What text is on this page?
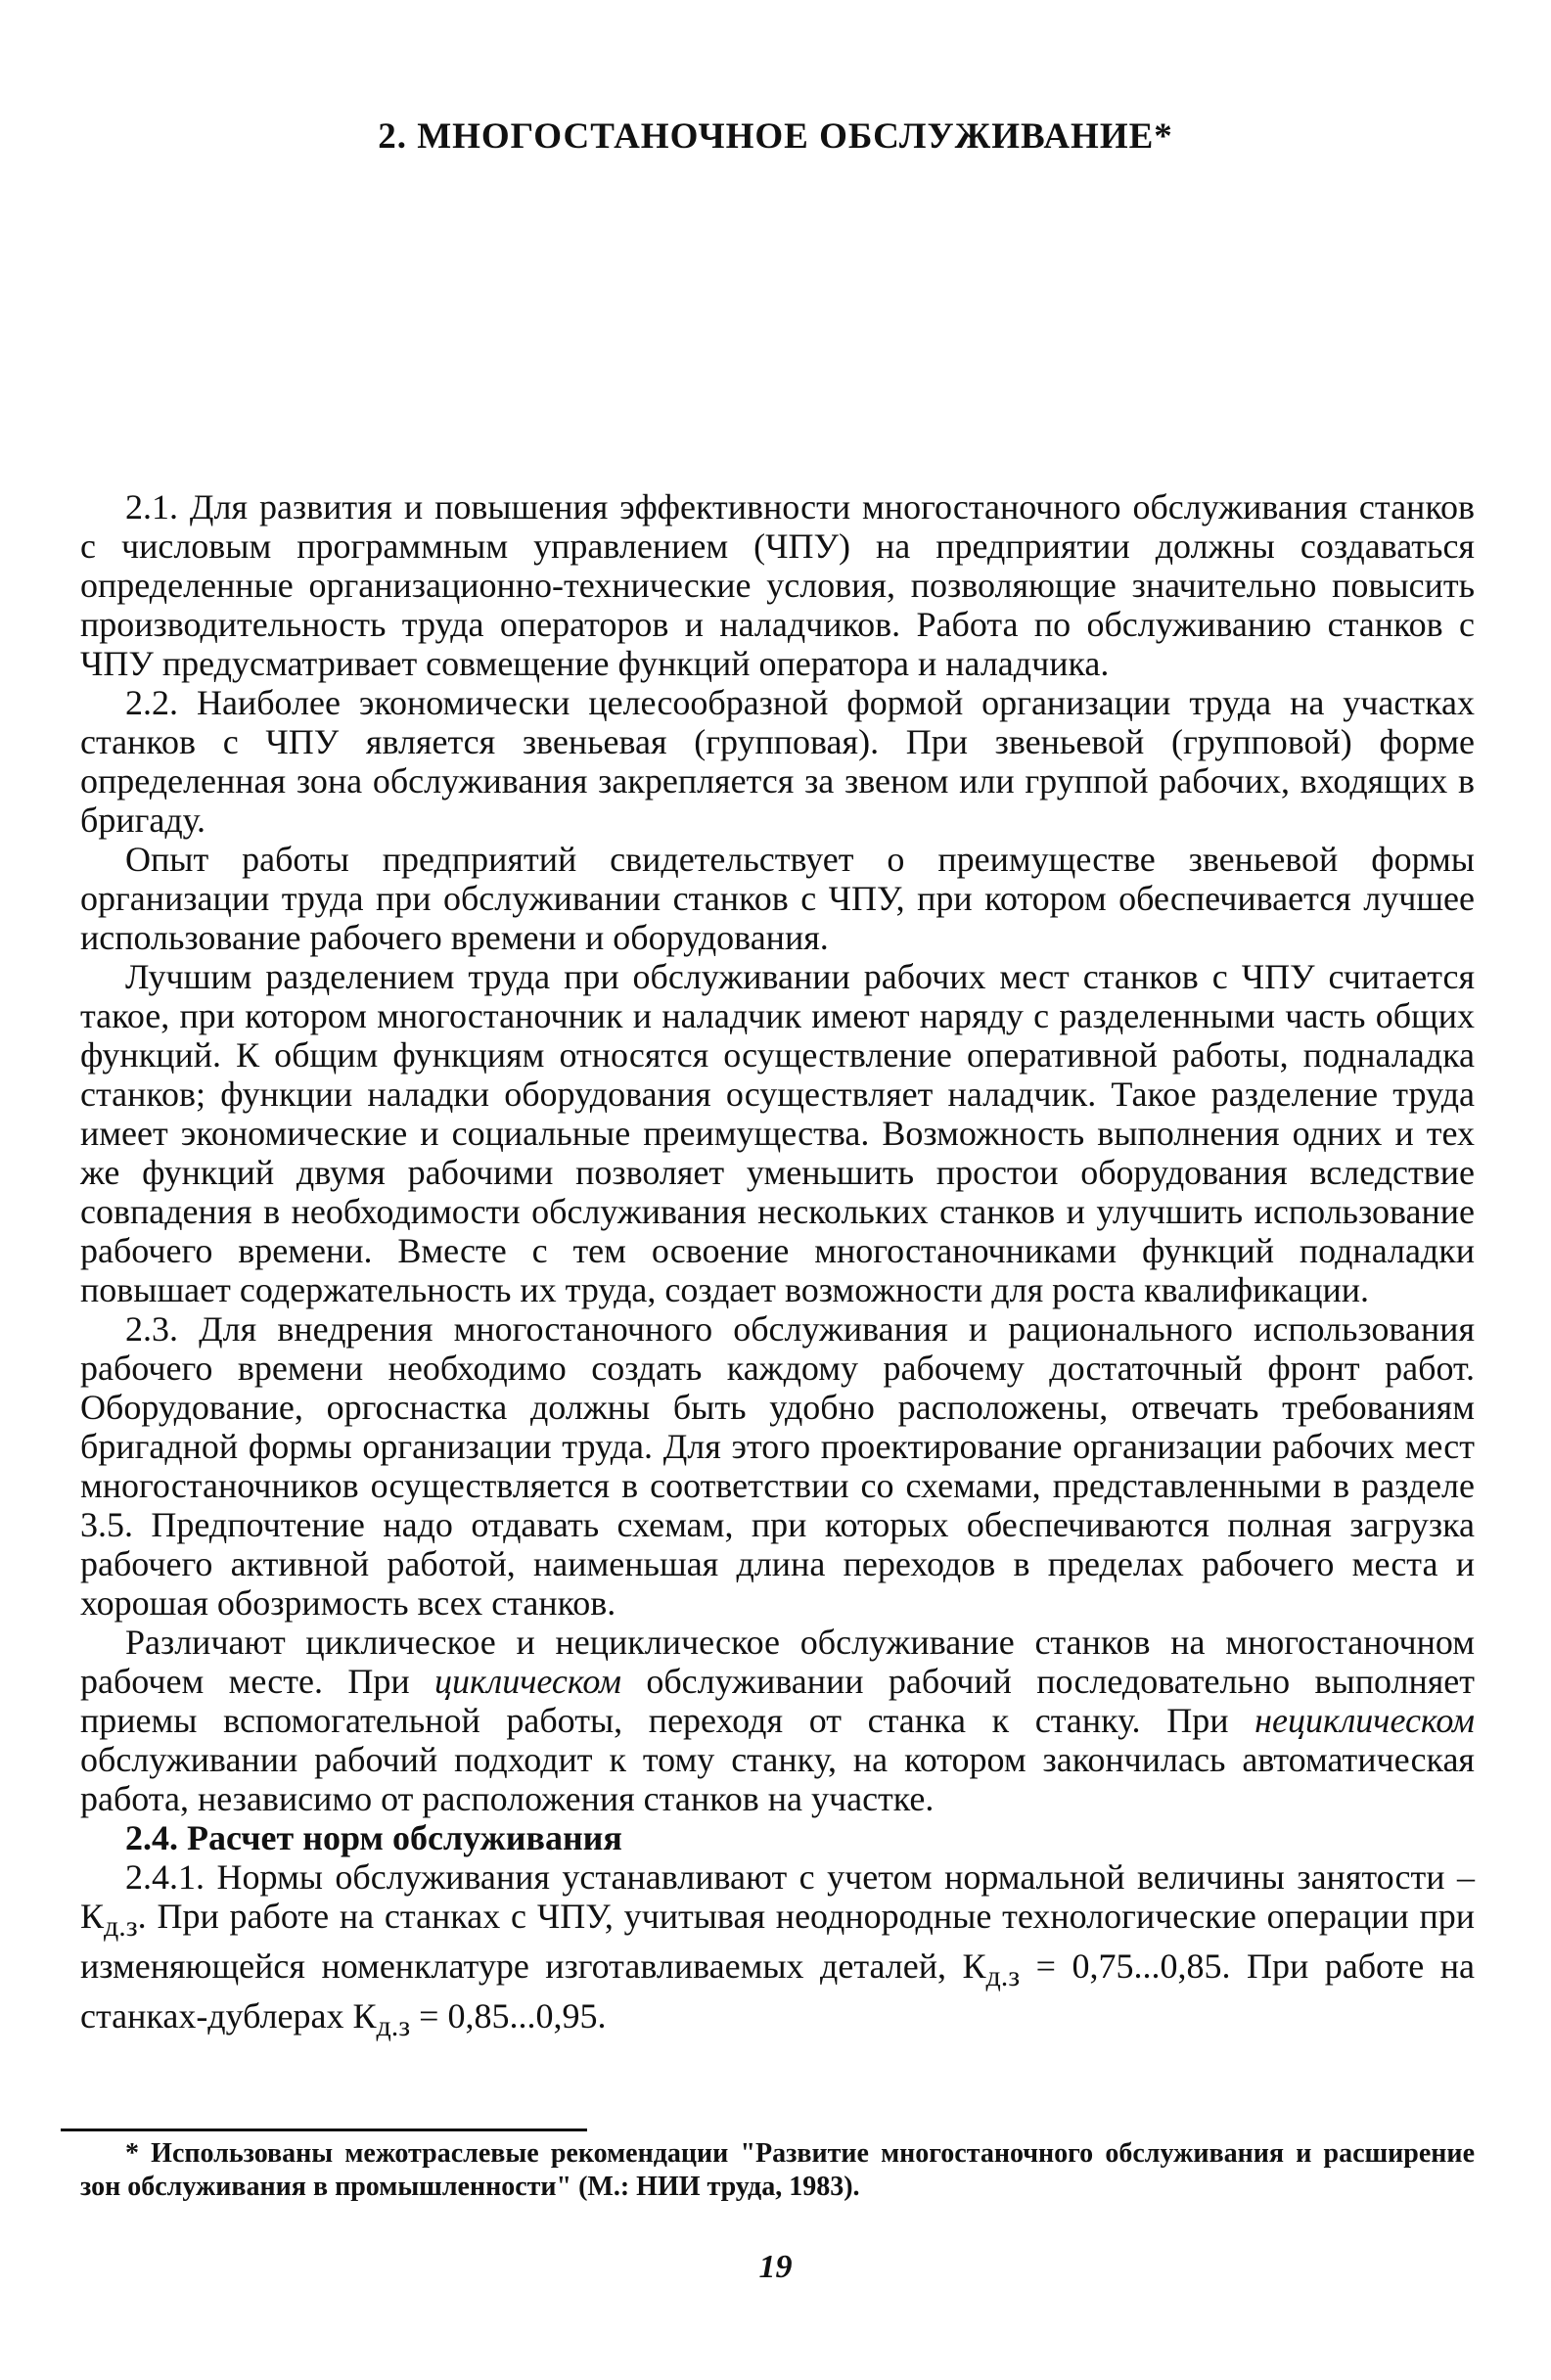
2. МНОГОСТАНОЧНОЕ ОБСЛУЖИВАНИЕ*

2.1. Для развития и повышения эффективности многостаночного обслуживания станков с числовым программным управлением (ЧПУ) на предприятии должны создаваться определенные организационно-технические условия, позволяющие значительно повысить производительность труда операторов и наладчиков. Работа по обслуживанию станков с ЧПУ предусматривает совмещение функций оператора и наладчика.

2.2. Наиболее экономически целесообразной формой организации труда на участках станков с ЧПУ является звеньевая (групповая). При звеньевой (групповой) форме определенная зона обслуживания закрепляется за звеном или группой рабочих, входящих в бригаду.

Опыт работы предприятий свидетельствует о преимуществе звеньевой формы организации труда при обслуживании станков с ЧПУ, при котором обеспечивается лучшее использование рабочего времени и оборудования.

Лучшим разделением труда при обслуживании рабочих мест станков с ЧПУ считается такое, при котором многостаночник и наладчик имеют наряду с разделенными часть общих функций. К общим функциям относятся осуществление оперативной работы, подналадка станков; функции наладки оборудования осуществляет наладчик. Такое разделение труда имеет экономические и социальные преимущества. Возможность выполнения одних и тех же функций двумя рабочими позволяет уменьшить простои оборудования вследствие совпадения в необходимости обслуживания нескольких станков и улучшить использование рабочего времени. Вместе с тем освоение многостаночниками функций подналадки повышает содержательность их труда, создает возможности для роста квалификации.

2.3. Для внедрения многостаночного обслуживания и рационального использования рабочего времени необходимо создать каждому рабочему достаточный фронт работ. Оборудование, оргоснастка должны быть удобно расположены, отвечать требованиям бригадной формы организации труда. Для этого проектирование организации рабочих мест многостаночников осуществляется в соответствии со схемами, представленными в разделе 3.5. Предпочтение надо отдавать схемам, при которых обеспечиваются полная загрузка рабочего активной работой, наименьшая длина переходов в пределах рабочего места и хорошая обозримость всех станков.

Различают циклическое и нециклическое обслуживание станков на многостаночном рабочем месте. При циклическом обслуживании рабочий последовательно выполняет приемы вспомогательной работы, переходя от станка к станку. При нециклическом обслуживании рабочий подходит к тому станку, на котором закончилась автоматическая работа, независимо от расположения станков на участке.

2.4. Расчет норм обслуживания

2.4.1. Нормы обслуживания устанавливают с учетом нормальной величины занятости – $К_{д.з}$. При работе на станках с ЧПУ, учитывая неоднородные технологические операции при изменяющейся номенклатуре изготавливаемых деталей, $К_{д.з} = 0,75...0,85$. При работе на станках-дублерах $К_{д.з} = 0,85...0,95$.

* Использованы межотраслевые рекомендации "Развитие многостаночного обслуживания и расширение зон обслуживания в промышленности" (М.: НИИ труда, 1983).

19
